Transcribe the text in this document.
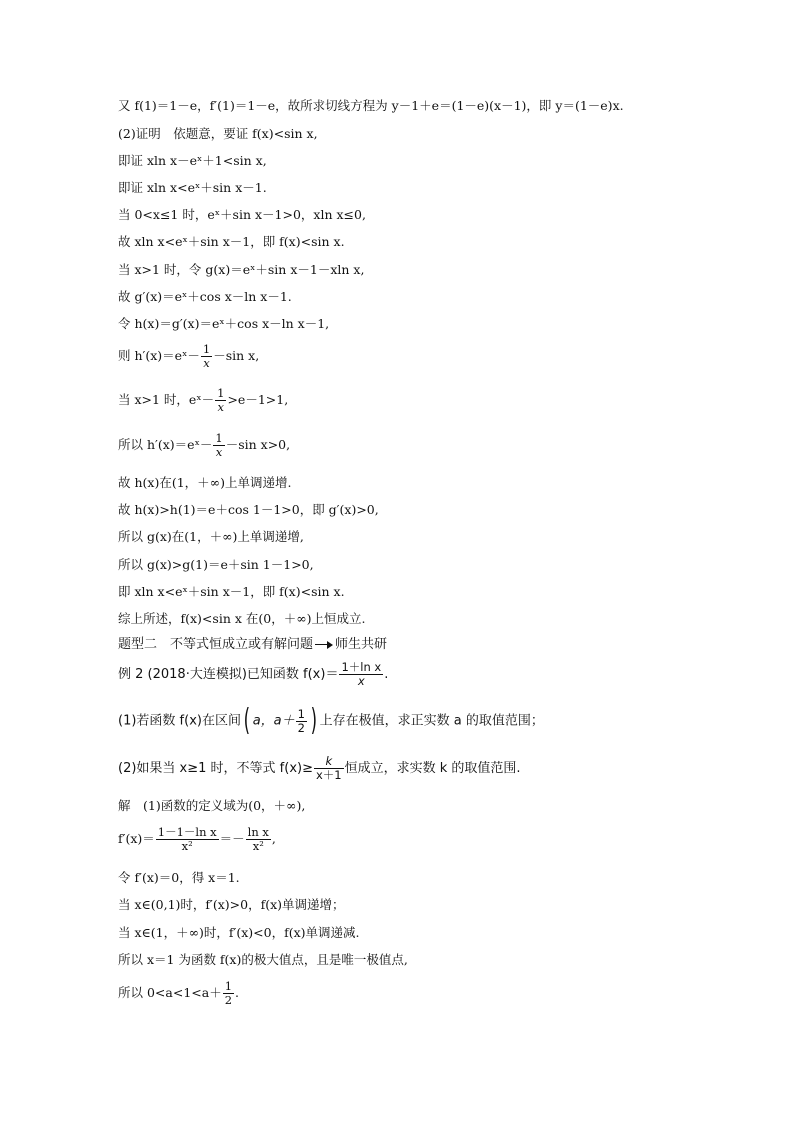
又 f(1)＝1－e，f′(1)＝1－e，故所求切线方程为 y－1＋e＝(1－e)(x－1)，即 y＝(1－e)x.
(2)证明　依题意，要证 f(x)<sin x,
即证 xln x－eˣ＋1<sin x,
即证 xln x<eˣ＋sin x－1.
当 0<x≤1 时，eˣ＋sin x－1>0，xln x≤0,
故 xln x<eˣ＋sin x－1，即 f(x)<sin x.
当 x>1 时，令 g(x)＝eˣ＋sin x－1－xln x,
故 g′(x)＝eˣ＋cos x－ln x－1.
令 h(x)＝g′(x)＝eˣ＋cos x－ln x－1,
则 h′(x)＝eˣ－ $\frac{1}{x} -\sin$ x,
当 x>1 时，eˣ－ $\frac{1}{x} >e-1>1$,
所以 h′(x)＝eˣ－ $\frac{1}{x} -\sin$ x>0,
故 h(x)在(1，＋∞)上单调递增.
故 h(x)>h(1)＝e＋cos 1－1>0，即 g′(x)>0,
所以 g(x)在(1，＋∞)上单调递增,
所以 g(x)>g(1)＝e＋sin 1－1>0,
即 xln x<eˣ＋sin x－1，即 f(x)<sin x.
综上所述，f(x)<sin x 在(0，＋∞)上恒成立.
题型二　不等式恒成立或有解问题 师生共研
例 2 (2018·大连模拟)已知函数 $f(x)= \frac{\text{1＋ln x}}{x}$ .
(1)若函数 f(x)在区间( a，$a+ \frac{1}{2}$ ) 上存在极值，求正实数 a 的取值范围；
(2)如果当 x≥1 时，不等式 $f(x)\ge \frac{k}{x+1}$ 恒成立，求实数 k 的取值范围.
解　(1)函数的定义域为(0，＋∞),
$f'(x)= \frac{\text{1－1－ln x}}{\text{x²}} =- \frac{\text{ln x}}{\text{x²}}$ ,
令 f′(x)＝0，得 x＝1.
当 x∈(0,1)时，f′(x)>0，f(x)单调递增；
当 x∈(1，＋∞)时，f′(x)<0，f(x)单调递减.
所以 x＝1 为函数 f(x)的极大值点，且是唯一极值点,
所以 $0<a<1<a+ \frac{1}{2}$ .
